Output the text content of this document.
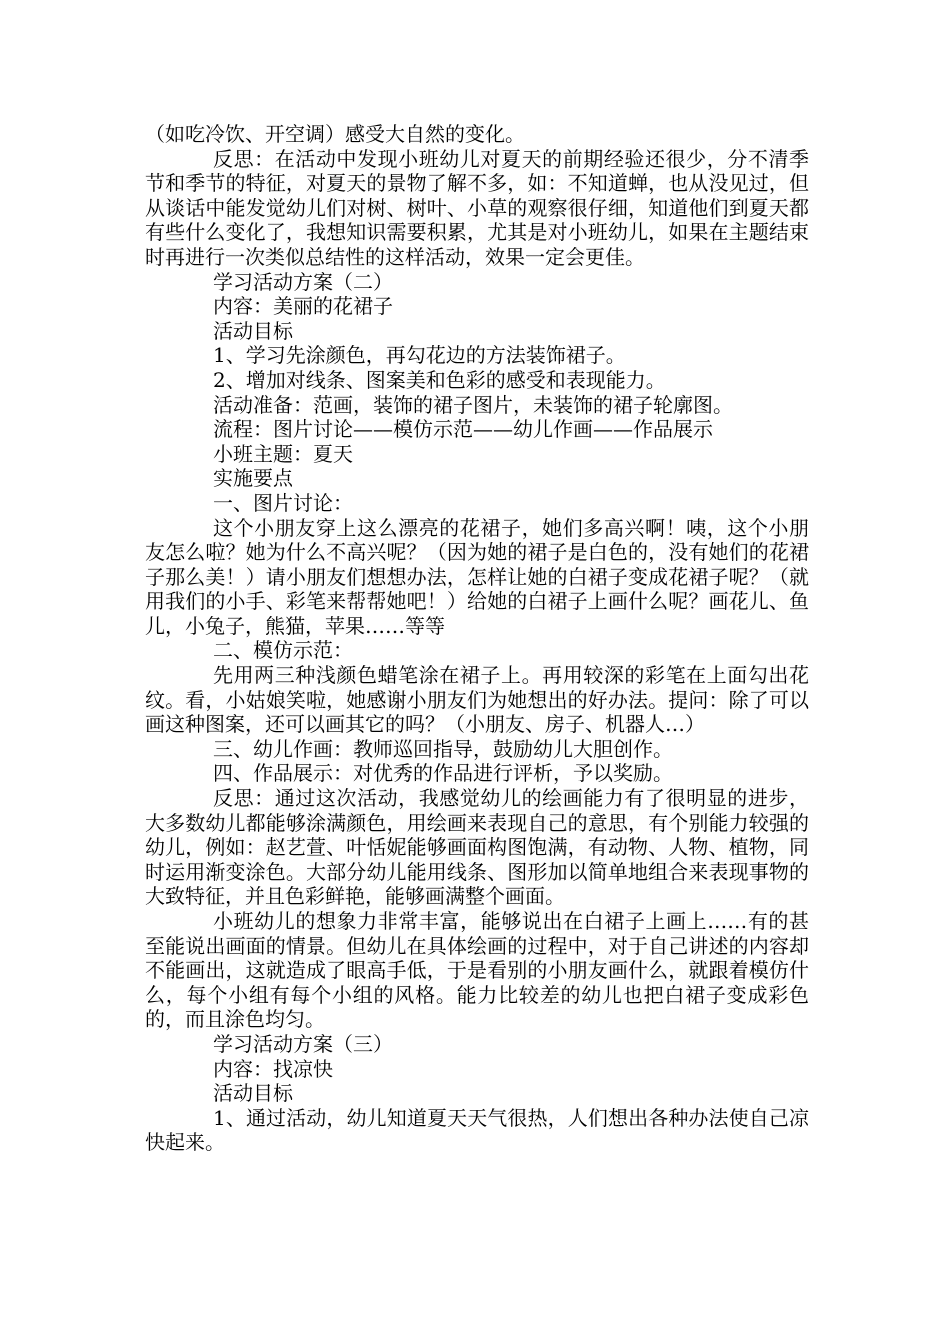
（如吃冷饮、开空调）感受大自然的变化。

反思：在活动中发现小班幼儿对夏天的前期经验还很少，分不清季节和季节的特征，对夏天的景物了解不多，如：不知道蝉，也从没见过，但从谈话中能发觉幼儿们对树、树叶、小草的观察很仔细，知道他们到夏天都有些什么变化了，我想知识需要积累，尤其是对小班幼儿，如果在主题结束时再进行一次类似总结性的这样活动，效果一定会更佳。

学习活动方案（二）

内容：美丽的花裙子

活动目标

1、学习先涂颜色，再勾花边的方法装饰裙子。

2、增加对线条、图案美和色彩的感受和表现能力。

活动准备：范画，装饰的裙子图片，未装饰的裙子轮廓图。

流程：图片讨论——模仿示范——幼儿作画——作品展示

小班主题：夏天

实施要点

一、图片讨论：

这个小朋友穿上这么漂亮的花裙子，她们多高兴啊！咦，这个小朋友怎么啦？她为什么不高兴呢？（因为她的裙子是白色的，没有她们的花裙子那么美！）请小朋友们想想办法，怎样让她的白裙子变成花裙子呢？（就用我们的小手、彩笔来帮帮她吧！）给她的白裙子上画什么呢？画花儿、鱼儿，小兔子，熊猫，苹果……等等

二、模仿示范：

先用两三种浅颜色蜡笔涂在裙子上。再用较深的彩笔在上面勾出花纹。看，小姑娘笑啦，她感谢小朋友们为她想出的好办法。提问：除了可以画这种图案，还可以画其它的吗？（小朋友、房子、机器人…）

三、幼儿作画：教师巡回指导，鼓励幼儿大胆创作。

四、作品展示：对优秀的作品进行评析，予以奖励。

反思：通过这次活动，我感觉幼儿的绘画能力有了很明显的进步，大多数幼儿都能够涂满颜色，用绘画来表现自己的意思，有个别能力较强的幼儿，例如：赵艺萱、叶恬妮能够画面构图饱满，有动物、人物、植物，同时运用渐变涂色。大部分幼儿能用线条、图形加以简单地组合来表现事物的大致特征，并且色彩鲜艳，能够画满整个画面。

小班幼儿的想象力非常丰富，能够说出在白裙子上画上……有的甚至能说出画面的情景。但幼儿在具体绘画的过程中，对于自己讲述的内容却不能画出，这就造成了眼高手低，于是看别的小朋友画什么，就跟着模仿什么，每个小组有每个小组的风格。能力比较差的幼儿也把白裙子变成彩色的，而且涂色均匀。

学习活动方案（三）

内容：找凉快

活动目标

1、通过活动，幼儿知道夏天天气很热，人们想出各种办法使自己凉快起来。
